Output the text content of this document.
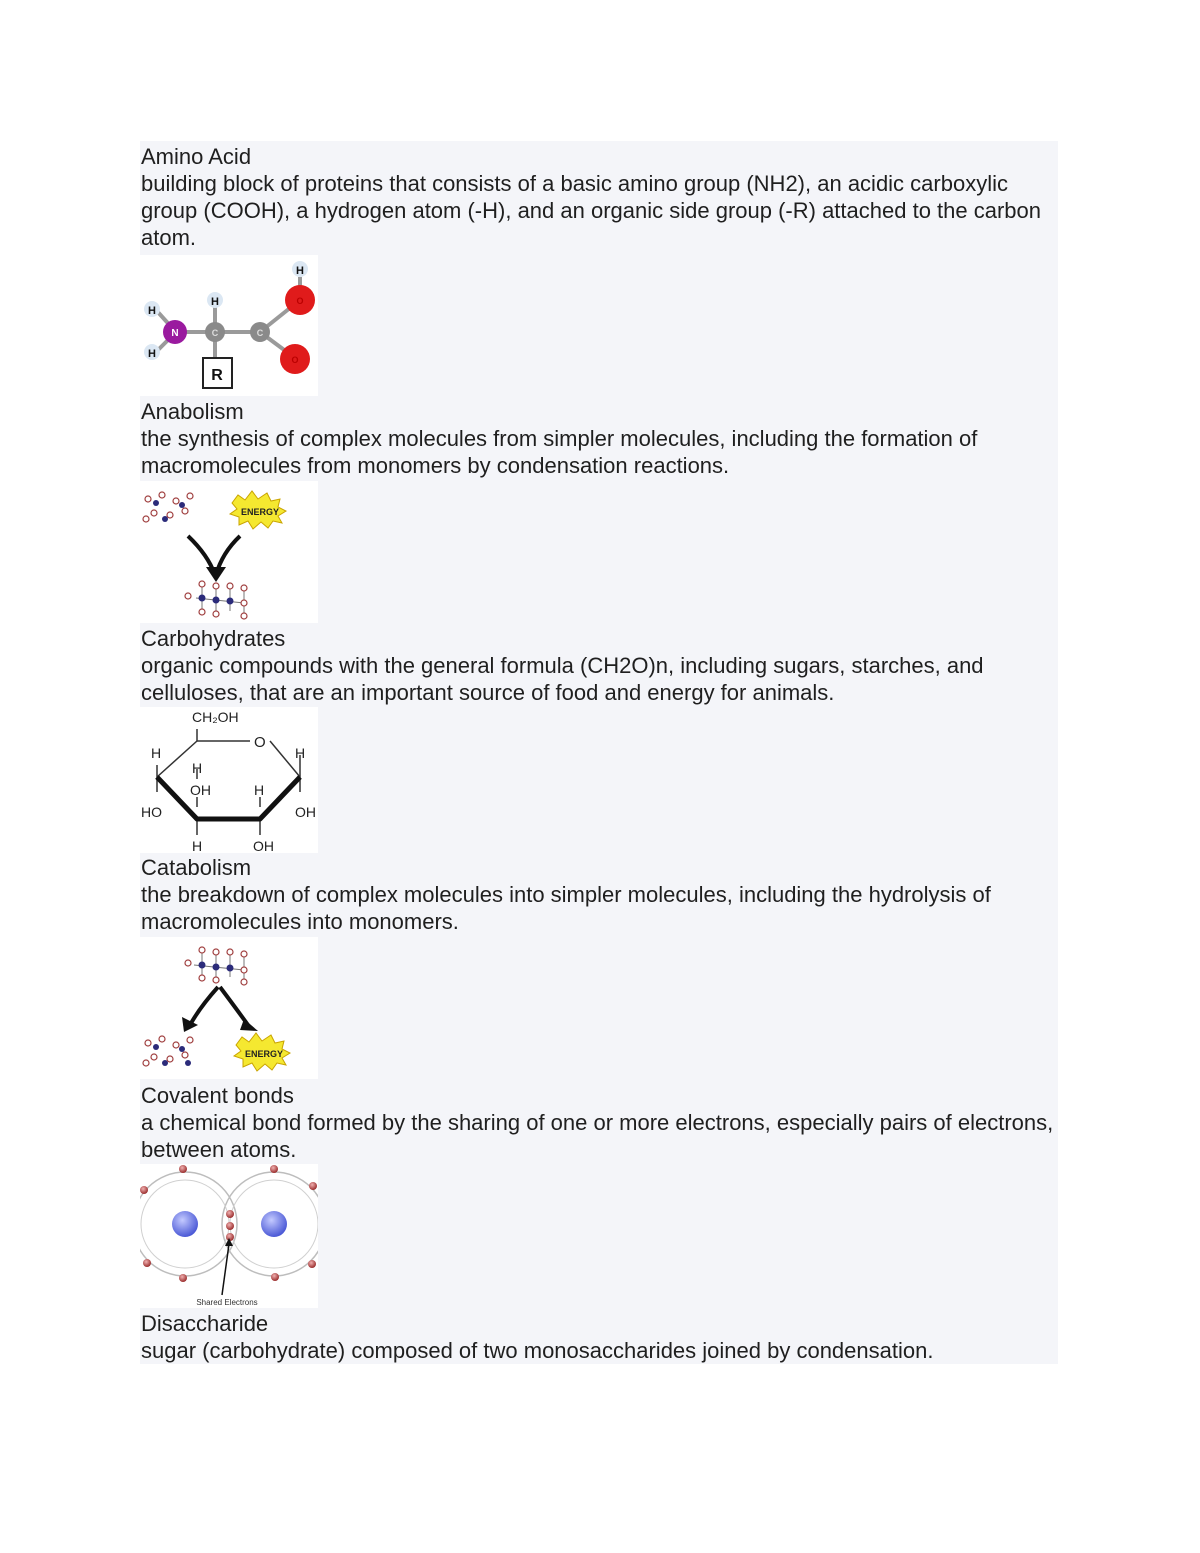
Amino Acid
building block of proteins that consists of a basic amino group (NH2), an acidic carboxylic group (COOH), a hydrogen atom (-H), and an organic side group (-R) attached to the carbon atom.
R
H
H
H
H
N	C	C
O
O
Anabolism
the synthesis of complex molecules from simpler molecules, including the formation of macromolecules from monomers by condensation reactions.
ENERGY
Carbohydrates
organic compounds with the general formula (CH2O)n, including sugars, starches, and celluloses, that are an important source of food and energy for animals.
CH₂OH
O
H	H
H
OH	H
HO	OH
H	OH
Catabolism
the breakdown of complex molecules into simpler molecules, including the hydrolysis of macromolecules into monomers.
ENERGY
Covalent bonds
a chemical bond formed by the sharing of one or more electrons, especially pairs of electrons, between atoms.
Shared Electrons
Disaccharide
sugar (carbohydrate) composed of two monosaccharides joined by condensation.
